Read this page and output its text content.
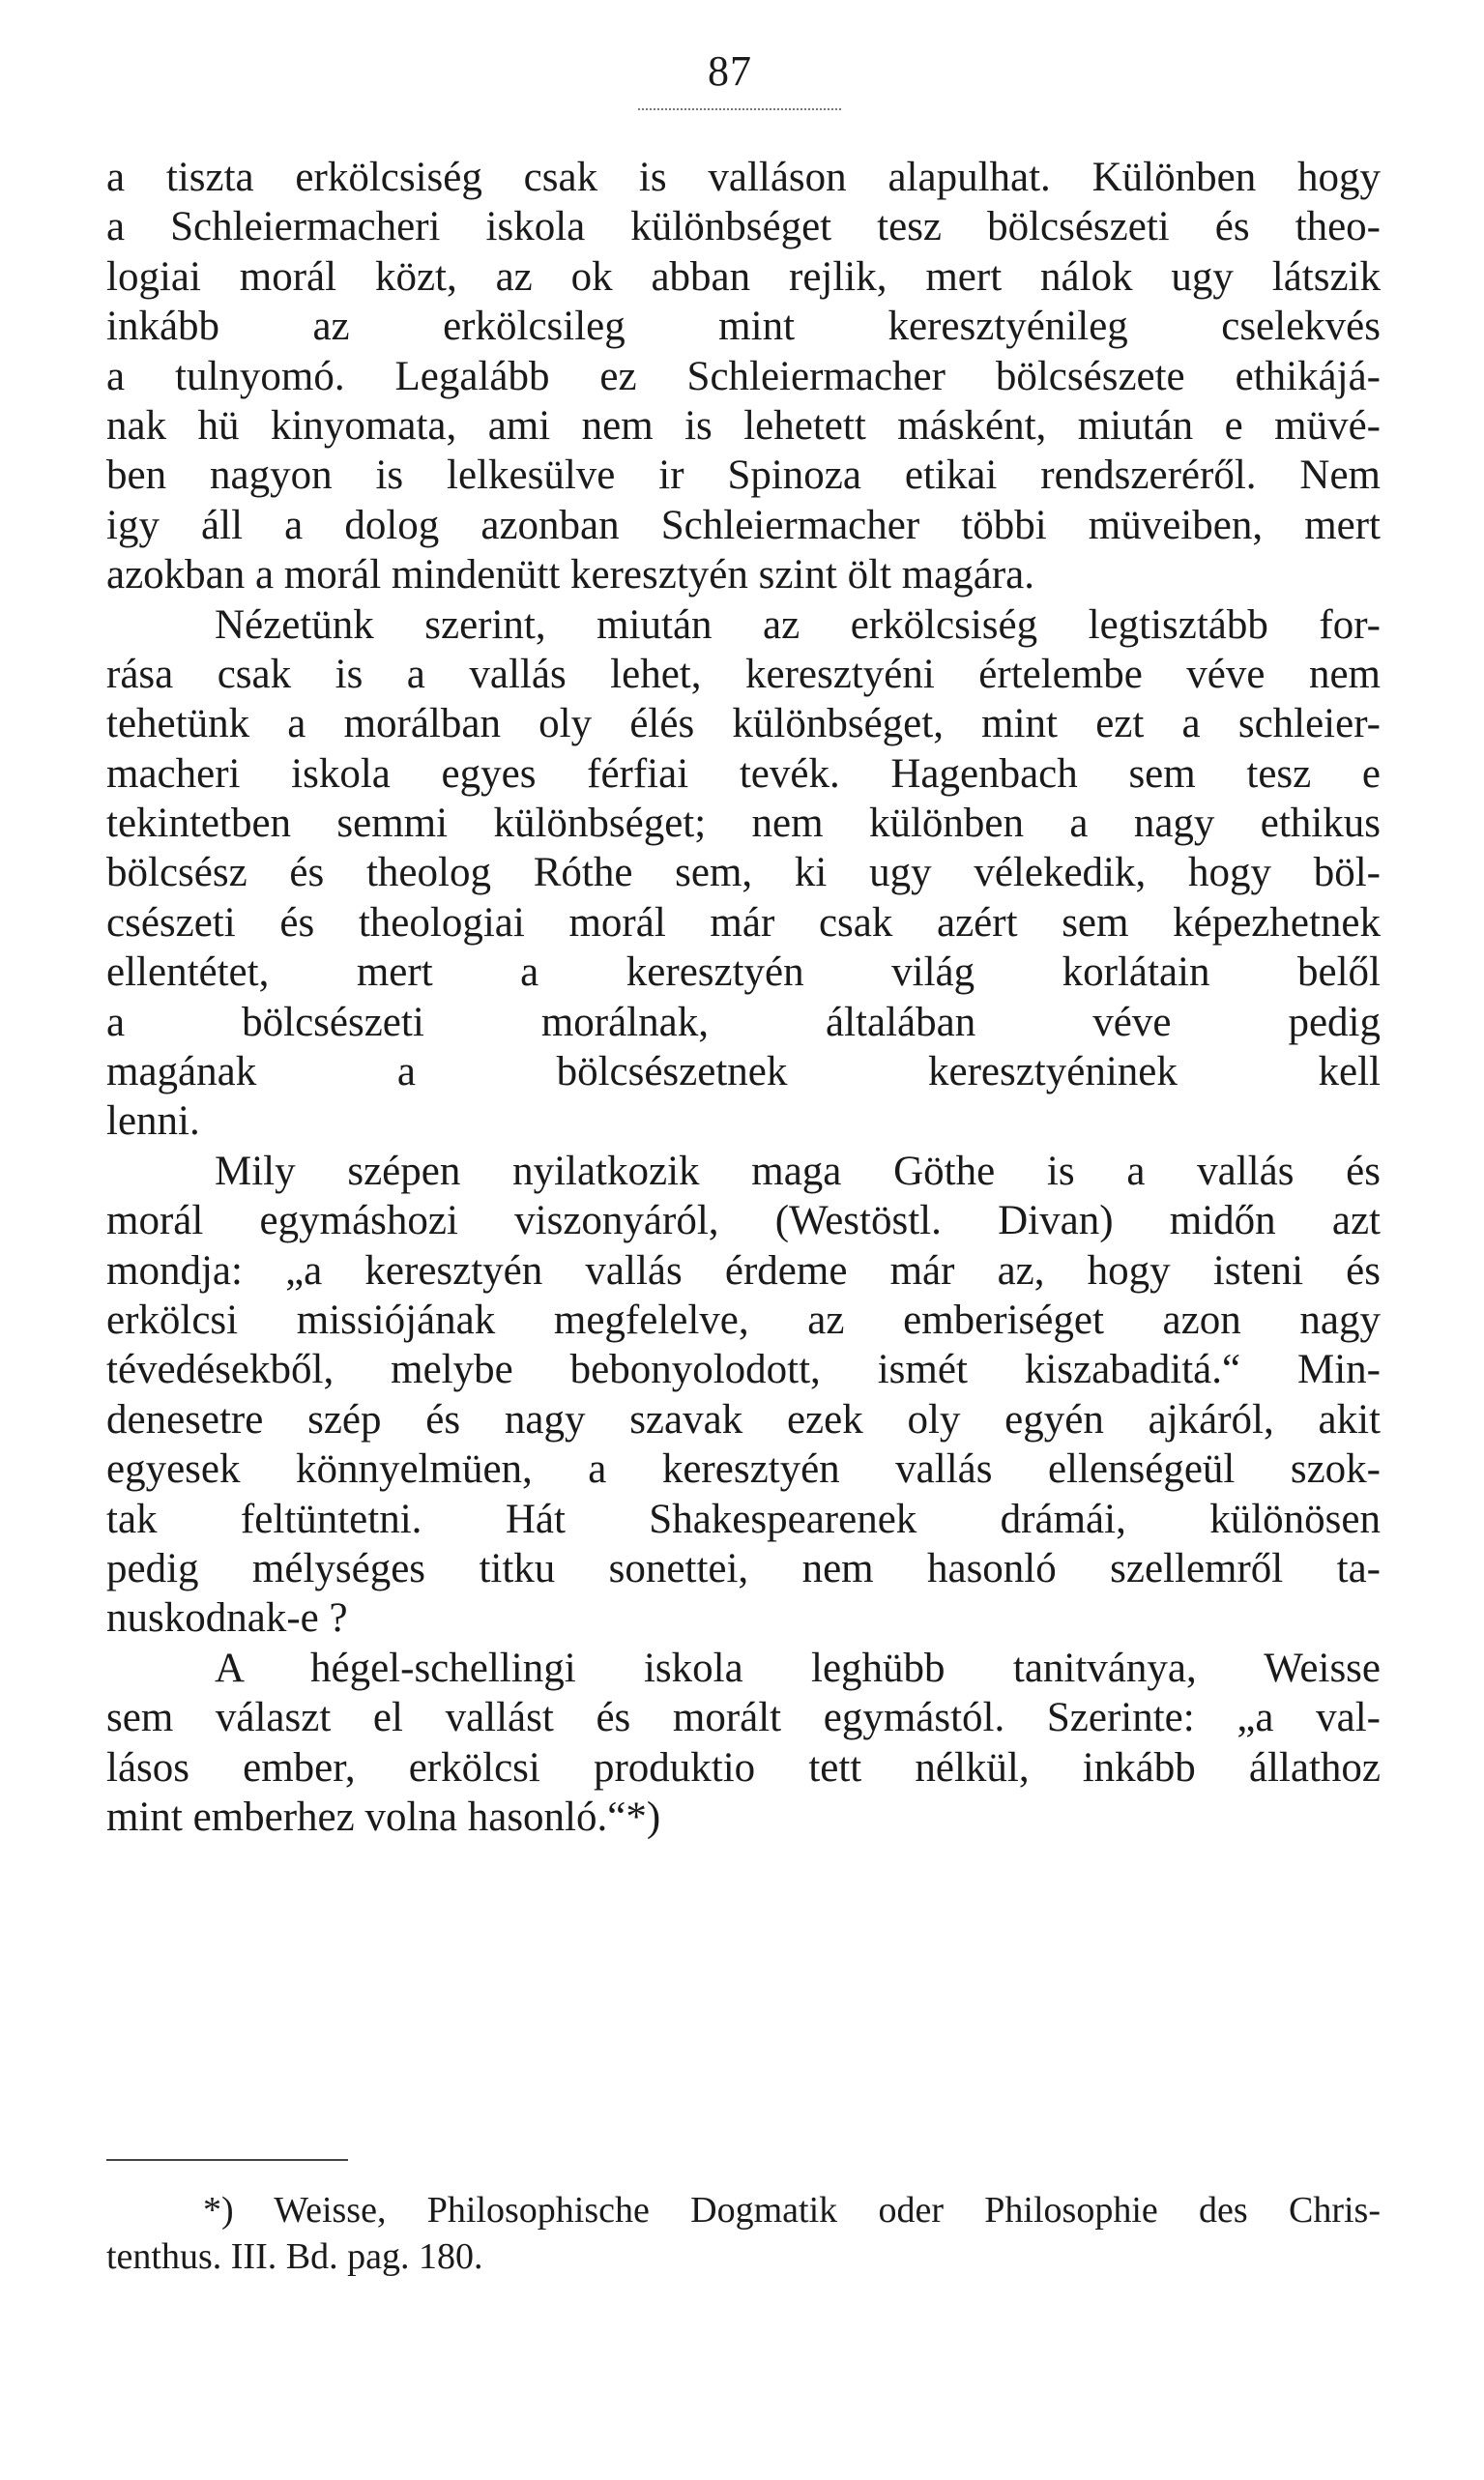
87
a tiszta erkölcsiség csak is valláson alapulhat. Különben hogy
a Schleiermacheri iskola különbséget tesz bölcsészeti és theo-
logiai morál közt, az ok abban rejlik, mert nálok ugy látszik
inkább az erkölcsileg mint keresztyénileg cselekvés
a tulnyomó. Legalább ez Schleiermacher bölcsészete ethikájá-
nak hü kinyomata, ami nem is lehetett másként, miután e müvé-
ben nagyon is lelkesülve ir Spinoza etikai rendszeréről. Nem
igy áll a dolog azonban Schleiermacher többi müveiben, mert
azokban a morál mindenütt keresztyén szint ölt magára.
Nézetünk szerint, miután az erkölcsiség legtisztább for-
rása csak is a vallás lehet, keresztyéni értelembe véve nem
tehetünk a morálban oly élés különbséget, mint ezt a schleier-
macheri iskola egyes férfiai tevék. Hagenbach sem tesz e
tekintetben semmi különbséget; nem különben a nagy ethikus
bölcsész és theolog Róthe sem, ki ugy vélekedik, hogy böl-
csészeti és theologiai morál már csak azért sem képezhetnek
ellentétet, mert a keresztyén világ korlátain belől
a bölcsészeti morálnak, általában véve pedig
magának a bölcsészetnek keresztyéninek kell
lenni.
Mily szépen nyilatkozik maga Göthe is a vallás és
morál egymáshozi viszonyáról, (Westöstl. Divan) midőn azt
mondja: „a keresztyén vallás érdeme már az, hogy isteni és
erkölcsi missiójának megfelelve, az emberiséget azon nagy
tévedésekből, melybe bebonyolodott, ismét kiszabaditá.“ Min-
denesetre szép és nagy szavak ezek oly egyén ajkáról, akit
egyesek könnyelmüen, a keresztyén vallás ellenségeül szok-
tak feltüntetni. Hát Shakespearenek drámái, különösen
pedig mélységes titku sonettei, nem hasonló szellemről ta-
nuskodnak-e ?
A hégel-schellingi iskola leghübb tanitványa, Weisse
sem választ el vallást és morált egymástól. Szerinte: „a val-
lásos ember, erkölcsi produktio tett nélkül, inkább állathoz
mint emberhez volna hasonló.“*)
*) Weisse, Philosophische Dogmatik oder Philosophie des Chris-
tenthus. III. Bd. pag. 180.
